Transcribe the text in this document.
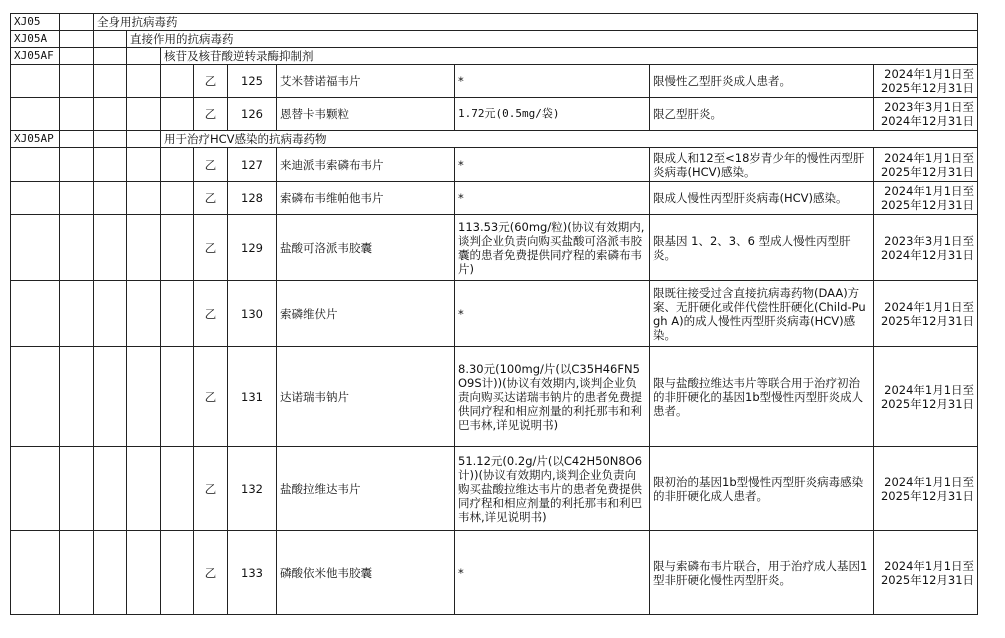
XJ05		全身用抗病毒药								
XJ05A			直接作用的抗病毒药							
XJ05AF				核苷及核苷酸逆转录酶抑制剂						
					乙	125	艾米替诺福韦片	*	限慢性乙型肝炎成人患者。	2024年1月1日至2025年12月31日
					乙	126	恩替卡韦颗粒	1.72元(0.5mg/袋)	限乙型肝炎。	2023年3月1日至2024年12月31日
XJ05AP				用于治疗HCV感染的抗病毒药物						
					乙	127	来迪派韦索磷布韦片	*	限成人和12至<18岁青少年的慢性丙型肝炎病毒(HCV)感染。	2024年1月1日至2025年12月31日
					乙	128	索磷布韦维帕他韦片	*	限成人慢性丙型肝炎病毒(HCV)感染。	2024年1月1日至2025年12月31日
					乙	129	盐酸可洛派韦胶囊	113.53元(60mg/粒)(协议有效期内,谈判企业负责向购买盐酸可洛派韦胶囊的患者免费提供同疗程的索磷布韦片)	限基因 1、2、3、6 型成人慢性丙型肝炎。	2023年3月1日至2024年12月31日
					乙	130	索磷维伏片	*	限既往接受过含直接抗病毒药物(DAA)方案、无肝硬化或伴代偿性肝硬化(Child-Pugh A)的成人慢性丙型肝炎病毒(HCV)感染。	2024年1月1日至2025年12月31日
					乙	131	达诺瑞韦钠片	8.30元(100mg/片(以C35H46FN5O9S计))(协议有效期内,谈判企业负责向购买达诺瑞韦钠片的患者免费提供同疗程和相应剂量的利托那韦和利巴韦林,详见说明书)	限与盐酸拉维达韦片等联合用于治疗初治的非肝硬化的基因1b型慢性丙型肝炎成人患者。	2024年1月1日至2025年12月31日
					乙	132	盐酸拉维达韦片	51.12元(0.2g/片(以C42H50N8O6计))(协议有效期内,谈判企业负责向购买盐酸拉维达韦片的患者免费提供同疗程和相应剂量的利托那韦和利巴韦林,详见说明书)	限初治的基因1b型慢性丙型肝炎病毒感染的非肝硬化成人患者。	2024年1月1日至2025年12月31日
					乙	133	磷酸依米他韦胶囊	*	限与索磷布韦片联合，用于治疗成人基因1型非肝硬化慢性丙型肝炎。	2024年1月1日至2025年12月31日
